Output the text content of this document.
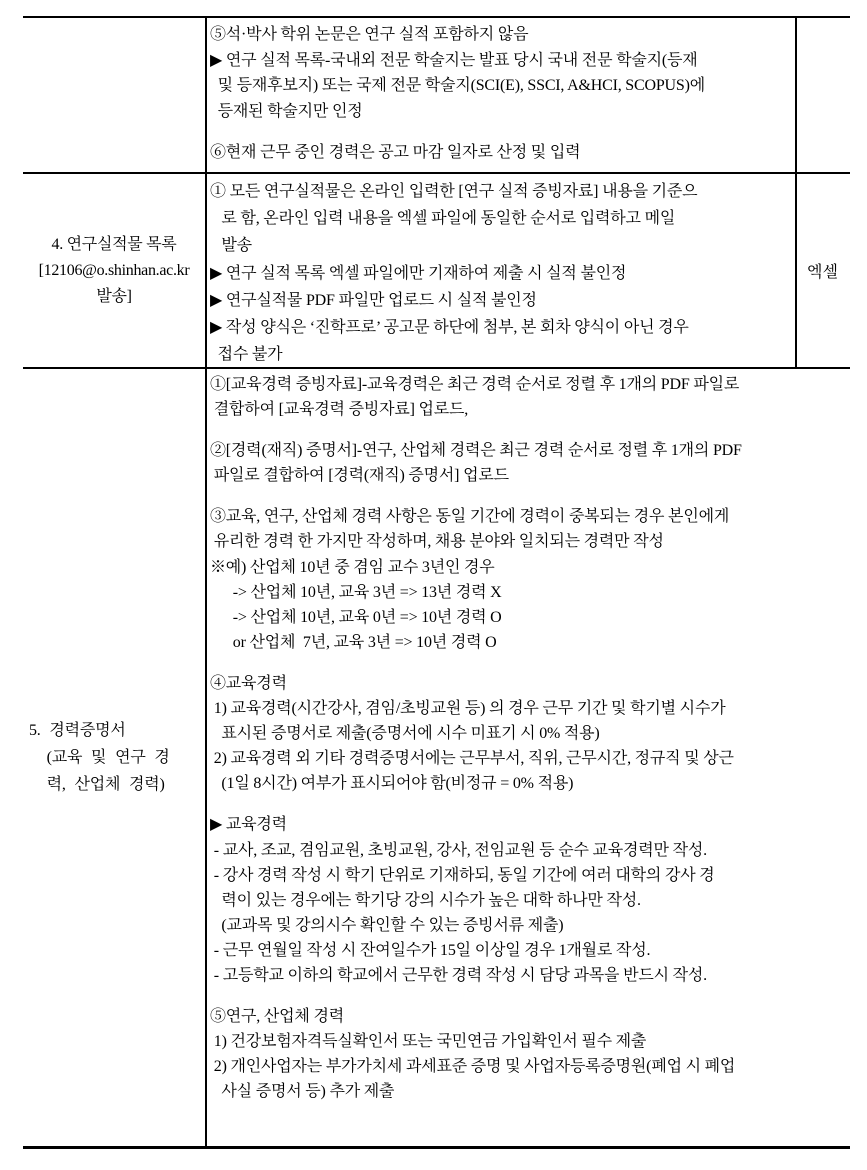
⑤석·박사 학위 논문은 연구 실적 포함하지 않음
▶ 연구 실적 목록-국내외 전문 학술지는 발표 당시 국내 전문 학술지(등재
및 등재후보지) 또는 국제 전문 학술지(SCI(E), SSCI, A&HCI, SCOPUS)에
등재된 학술지만 인정
⑥현재 근무 중인 경력은 공고 마감 일자로 산정 및 입력
4. 연구실적물 목록
[12106@o.shinhan.ac.kr
발송]
① 모든 연구실적물은 온라인 입력한 [연구 실적 증빙자료] 내용을 기준으
로 함, 온라인 입력 내용을 엑셀 파일에 동일한 순서로 입력하고 메일
발송
▶ 연구 실적 목록 엑셀 파일에만 기재하여 제출 시 실적 불인정
▶ 연구실적물 PDF 파일만 업로드 시 실적 불인정
▶ 작성 양식은 ‘진학프로’ 공고문 하단에 첨부, 본 회차 양식이 아닌 경우
접수 불가
엑셀
5. 경력증명서
(교육 및 연구 경
력, 산업체 경력)
①[교육경력 증빙자료]-교육경력은 최근 경력 순서로 정렬 후 1개의 PDF 파일로
결합하여 [교육경력 증빙자료] 업로드,
②[경력(재직) 증명서]-연구, 산업체 경력은 최근 경력 순서로 정렬 후 1개의 PDF
파일로 결합하여 [경력(재직) 증명서] 업로드
③교육, 연구, 산업체 경력 사항은 동일 기간에 경력이 중복되는 경우 본인에게
유리한 경력 한 가지만 작성하며, 채용 분야와 일치되는 경력만 작성
※예) 산업체 10년 중 겸임 교수 3년인 경우
-> 산업체 10년, 교육 3년 => 13년 경력 X
-> 산업체 10년, 교육 0년 => 10년 경력 O
or 산업체  7년, 교육 3년 => 10년 경력 O
④교육경력
1) 교육경력(시간강사, 겸임/초빙교원 등) 의 경우 근무 기간 및 학기별 시수가
표시된 증명서로 제출(증명서에 시수 미표기 시 0% 적용)
2) 교육경력 외 기타 경력증명서에는 근무부서, 직위, 근무시간, 정규직 및 상근
(1일 8시간) 여부가 표시되어야 함(비정규 = 0% 적용)
▶ 교육경력
- 교사, 조교, 겸임교원, 초빙교원, 강사, 전임교원 등 순수 교육경력만 작성.
- 강사 경력 작성 시 학기 단위로 기재하되, 동일 기간에 여러 대학의 강사 경
력이 있는 경우에는 학기당 강의 시수가 높은 대학 하나만 작성.
(교과목 및 강의시수 확인할 수 있는 증빙서류 제출)
- 근무 연월일 작성 시 잔여일수가 15일 이상일 경우 1개월로 작성.
- 고등학교 이하의 학교에서 근무한 경력 작성 시 담당 과목을 반드시 작성.
⑤연구, 산업체 경력
1) 건강보험자격득실확인서 또는 국민연금 가입확인서 필수 제출
2) 개인사업자는 부가가치세 과세표준 증명 및 사업자등록증명원(폐업 시 폐업
사실 증명서 등) 추가 제출
